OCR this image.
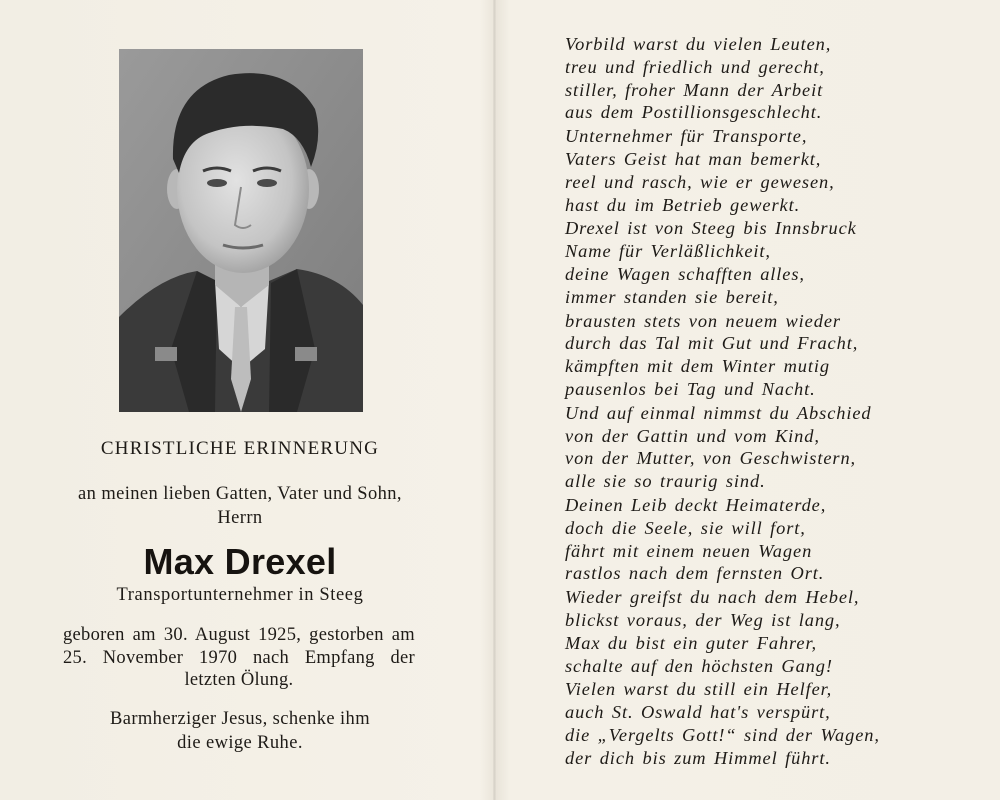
CHRISTLICHE ERINNERUNG
an meinen lieben Gatten, Vater und Sohn, Herrn
Max Drexel
Transportunternehmer in Steeg
geboren am 30. August 1925, gestorben am 25. November 1970 nach Empfang der letzten Ölung.
Barmherziger Jesus, schenke ihm die ewige Ruhe.
Vorbild warst du vielen Leuten,
treu und friedlich und gerecht,
stiller, froher Mann der Arbeit
aus dem Postillionsgeschlecht.
Unternehmer für Transporte,
Vaters Geist hat man bemerkt,
reel und rasch, wie er gewesen,
hast du im Betrieb gewerkt.
Drexel ist von Steeg bis Innsbruck
Name für Verläßlichkeit,
deine Wagen schafften alles,
immer standen sie bereit,
brausten stets von neuem wieder
durch das Tal mit Gut und Fracht,
kämpften mit dem Winter mutig
pausenlos bei Tag und Nacht.
Und auf einmal nimmst du Abschied
von der Gattin und vom Kind,
von der Mutter, von Geschwistern,
alle sie so traurig sind.
Deinen Leib deckt Heimaterde,
doch die Seele, sie will fort,
fährt mit einem neuen Wagen
rastlos nach dem fernsten Ort.
Wieder greifst du nach dem Hebel,
blickst voraus, der Weg ist lang,
Max du bist ein guter Fahrer,
schalte auf den höchsten Gang!
Vielen warst du still ein Helfer,
auch St. Oswald hat's verspürt,
die „Vergelts Gott!“ sind der Wagen,
der dich bis zum Himmel führt.
